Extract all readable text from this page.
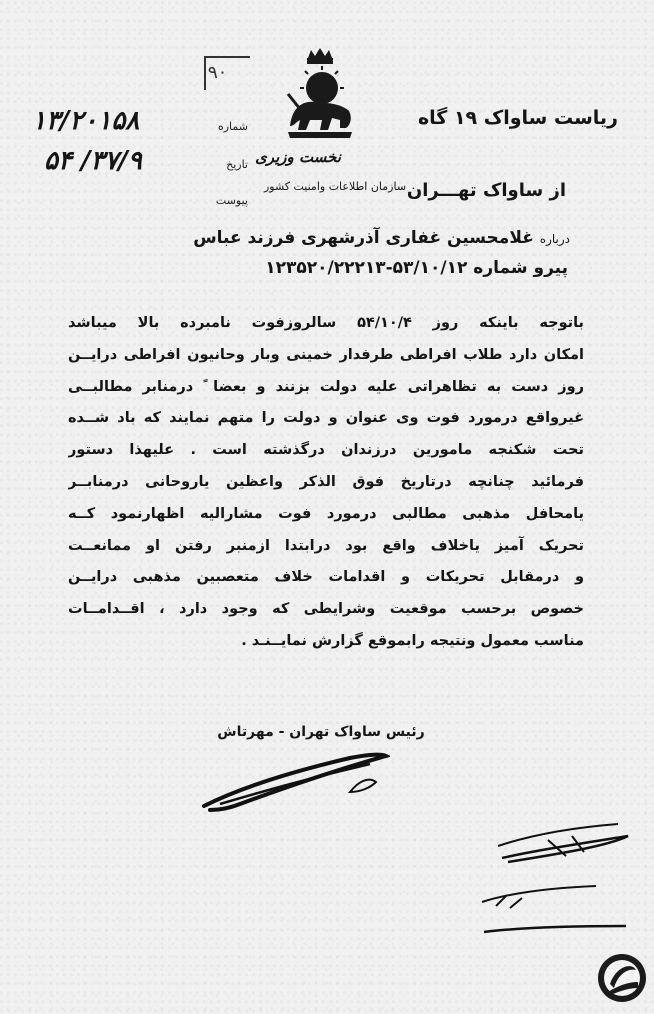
۹۰
نخست وزیری
سازمان اطلاعات وامنیت کشور
ریاست ساواک ۱۹ گاه
از ساواک تهـــران
شماره
۱۳/۲۰۱۵۸
تاریخ
۳۷/۹/ ۵۴
پیوست
درباره غلامحسین غفاری آذرشهری فرزند عباس
پیرو شماره ۵۳/۱۰/۱۲-۱۲۳۵۲۰/۲۲۲۱۳
باتوجه باینکه روز ۵۴/۱۰/۴ سالروزفوت نامبرده بالا میباشد
امکان دارد طلاب افراطی طرفدار خمینی وبار وحانیون افراطی درایــن
روز دست به تظاهراتی علیه دولت بزنند و بعضا ً درمنابر مطالبــی
غیرواقع درمورد فوت وی عنوان و دولت را متهم نمایند که باد شــده
تحت شکنجه مامورین درزندان درگذشته است . علیهذا دستور
فرمائید چنانچه درتاریخ فوق الذکر واعظین یاروحانی درمنابــر
یامحافل مذهبی مطالبی درمورد فوت مشارالیه اظهارنمود کــه
تحریک آمیز یاخلاف واقع بود درابتدا ازمنبر رفتن او ممانعــت
و درمقابل تحریکات و اقدامات خلاف متعصبین مذهبی درایــن
خصوص برحسب موقعیت وشرایطی که وجود دارد ، اقــدامــات
مناسب معمول ونتیجه رابموقع گزارش نمایــنـد .
رئیس ساواک تهران - مهرتاش
